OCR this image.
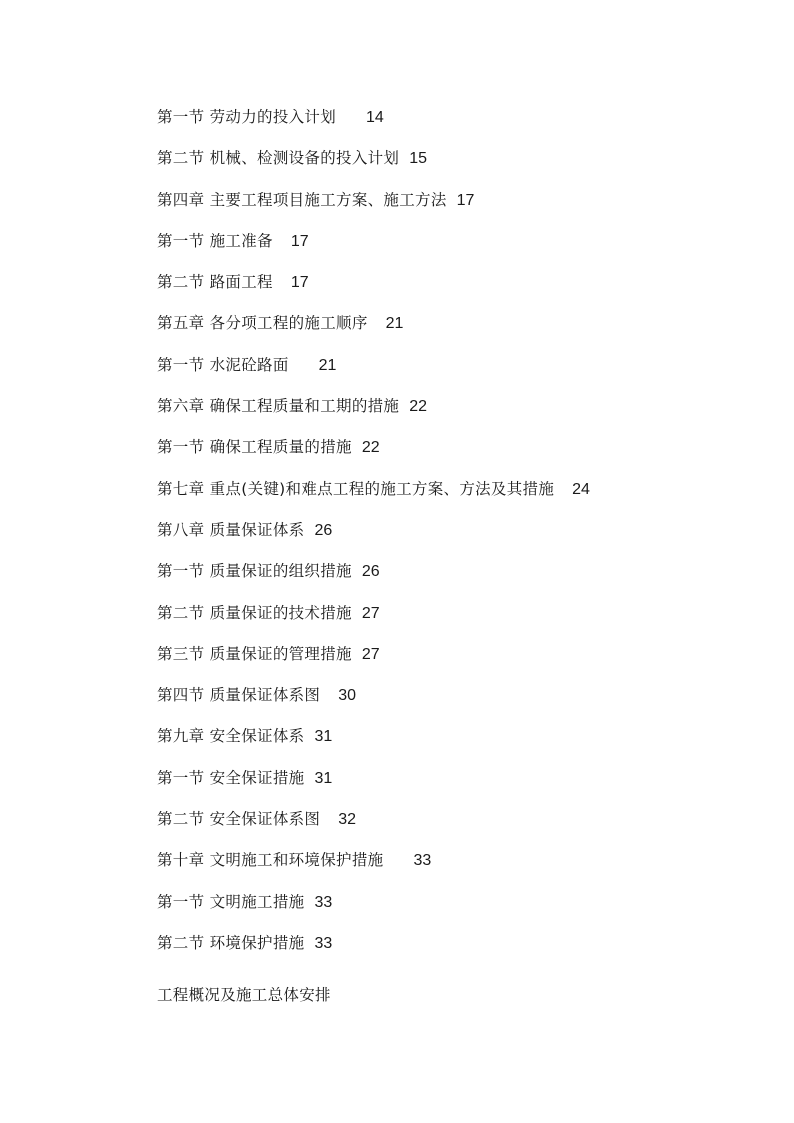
第一节 劳动力的投入计划 14
第二节 机械、检测设备的投入计划 15
第四章 主要工程项目施工方案、施工方法 17
第一节 施工准备 17
第二节 路面工程 17
第五章 各分项工程的施工顺序 21
第一节 水泥砼路面 21
第六章 确保工程质量和工期的措施 22
第一节 确保工程质量的措施 22
第七章 重点(关键)和难点工程的施工方案、方法及其措施 24
第八章 质量保证体系 26
第一节 质量保证的组织措施 26
第二节 质量保证的技术措施 27
第三节 质量保证的管理措施 27
第四节 质量保证体系图 30
第九章 安全保证体系 31
第一节 安全保证措施 31
第二节 安全保证体系图 32
第十章 文明施工和环境保护措施 33
第一节 文明施工措施 33
第二节 环境保护措施 33
工程概况及施工总体安排
